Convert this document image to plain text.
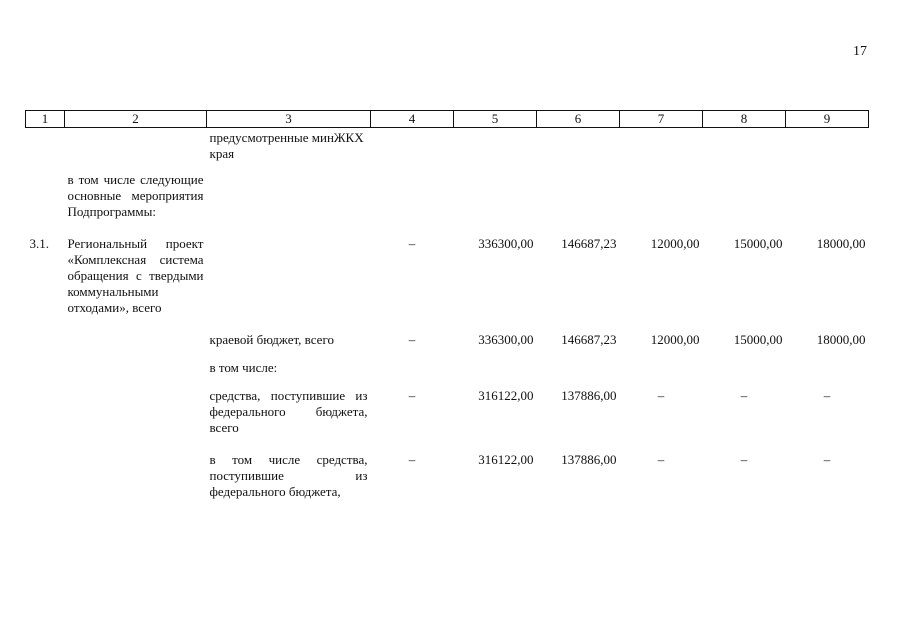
17
1	2	3	4	5	6	7	8	9
		предусмотренные минЖКХ края						
	в том числе следующие основные мероприятия Подпрограммы:							
3.1.	Региональный проект «Комплексная система обращения с твердыми коммунальными отходами», всего		–	336300,00	146687,23	12000,00	15000,00	18000,00
		краевой бюджет, всего	–	336300,00	146687,23	12000,00	15000,00	18000,00
		в том числе:						
		средства, поступившие из федерального бюджета, всего	–	316122,00	137886,00	–	–	–
		в том числе средства, поступившие из федерального бюджета,	–	316122,00	137886,00	–	–	–
